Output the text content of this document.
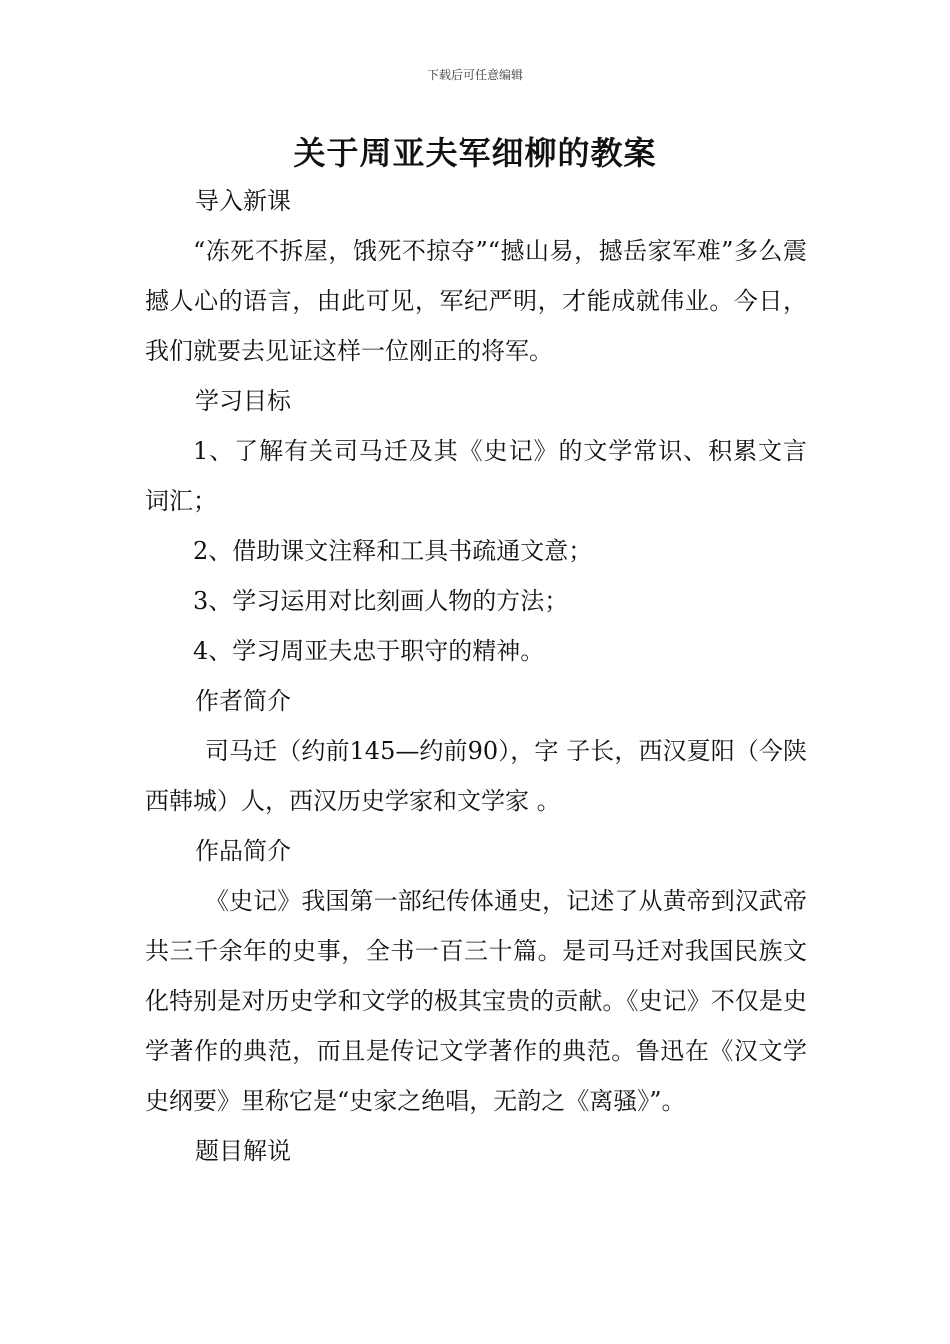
下载后可任意编辑
关于周亚夫军细柳的教案

导入新课

“冻死不拆屋，饿死不掠夺”“撼山易，撼岳家军难”多么震撼人心的语言，由此可见，军纪严明，才能成就伟业。今日，我们就要去见证这样一位刚正的将军。

学习目标

1、了解有关司马迁及其《史记》的文学常识、积累文言词汇；

2、借助课文注释和工具书疏通文意；

3、学习运用对比刻画人物的方法；

4、学习周亚夫忠于职守的精神。

作者简介

司马迁（约前145—约前90），字 子长，西汉夏阳（今陕西韩城）人，西汉历史学家和文学家 。

作品简介

《史记》我国第一部纪传体通史，记述了从黄帝到汉武帝共三千余年的史事，全书一百三十篇。是司马迁对我国民族文化特别是对历史学和文学的极其宝贵的贡献。《史记》不仅是史学著作的典范，而且是传记文学著作的典范。鲁迅在《汉文学史纲要》里称它是“史家之绝唱，无韵之《离骚》”。

题目解说
